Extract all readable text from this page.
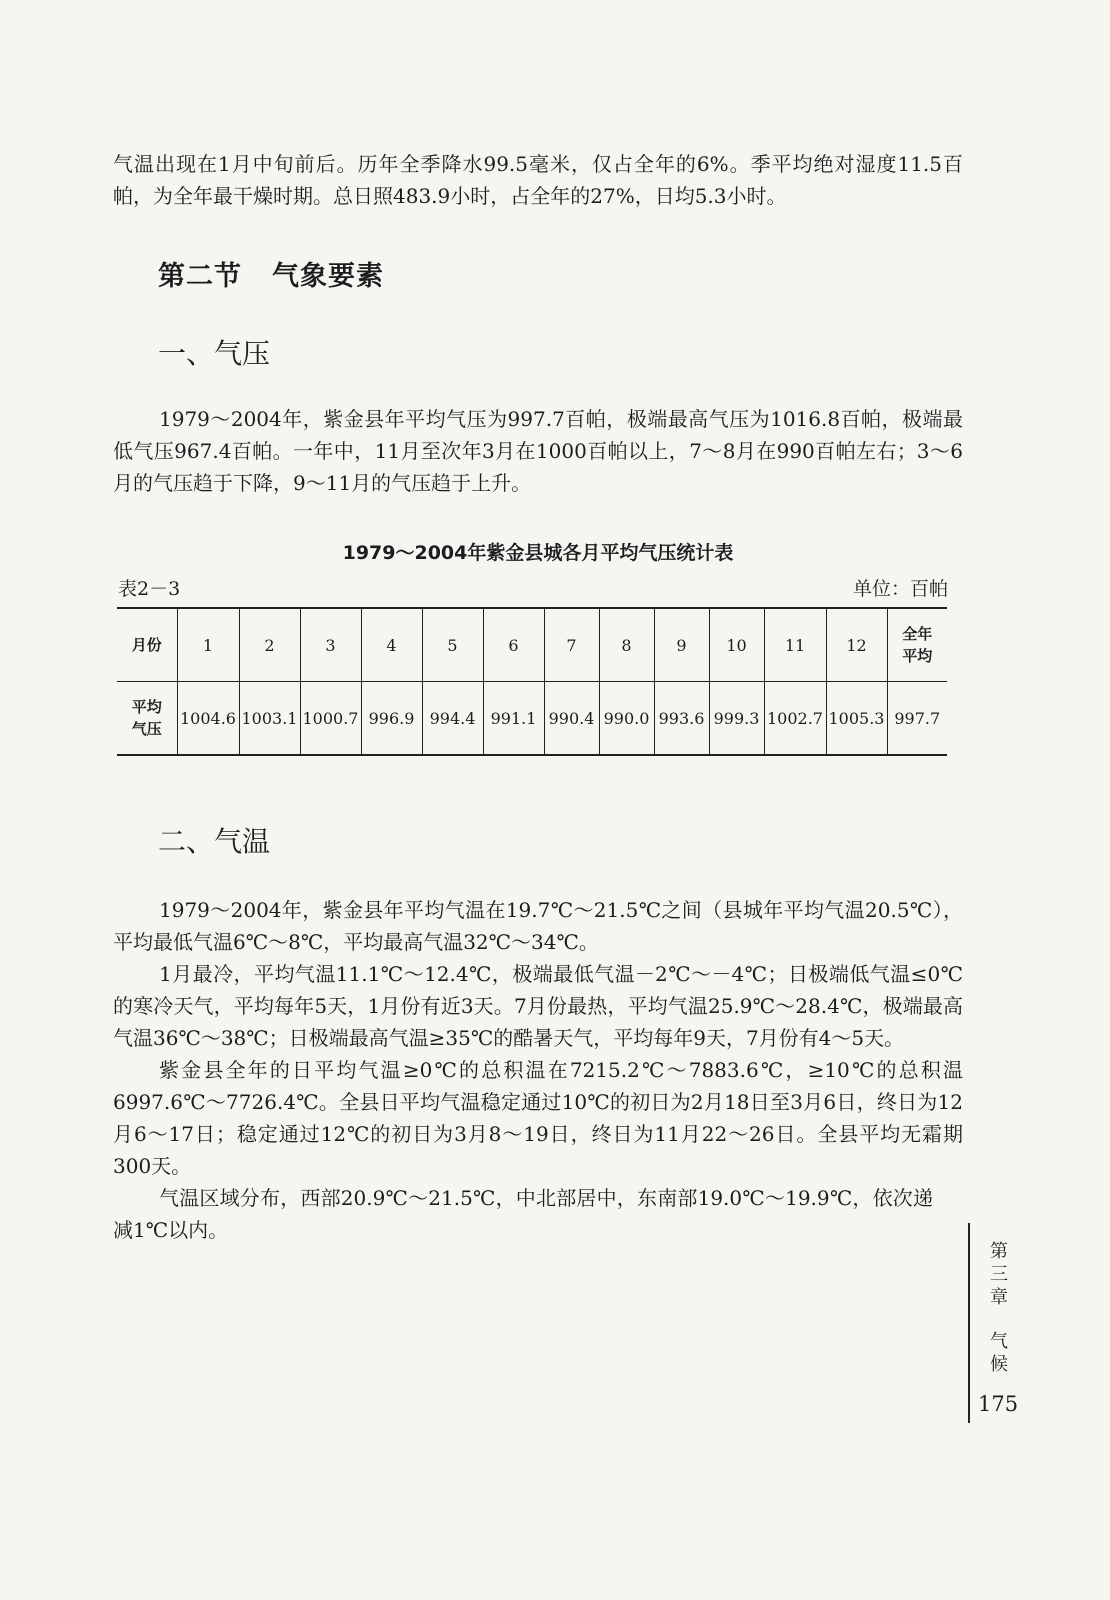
气温出现在1月中旬前后。历年全季降水99.5毫米，仅占全年的6%。季平均绝对湿度11.5百帕，为全年最干燥时期。总日照483.9小时，占全年的27%，日均5.3小时。

第二节 气象要素
一、气压

1979～2004年，紫金县年平均气压为997.7百帕，极端最高气压为1016.8百帕，极端最低气压967.4百帕。一年中，11月至次年3月在1000百帕以上，7～8月在990百帕左右；3～6月的气压趋于下降，9～11月的气压趋于上升。

1979～2004年紫金县城各月平均气压统计表
表2－3	单位：百帕
月份	1	2	3	4	5	6	7	8	9	10	11	12	全年
平均
平均
气压	1004.6	1003.1	1000.7	996.9	994.4	991.1	990.4	990.0	993.6	999.3	1002.7	1005.3	997.7
二、气温

1979～2004年，紫金县年平均气温在19.7℃～21.5℃之间（县城年平均气温20.5℃），平均最低气温6℃～8℃，平均最高气温32℃～34℃。

1月最冷，平均气温11.1℃～12.4℃，极端最低气温－2℃～－4℃；日极端低气温≤0℃的寒冷天气，平均每年5天，1月份有近3天。7月份最热，平均气温25.9℃～28.4℃，极端最高气温36℃～38℃；日极端最高气温≥35℃的酷暑天气，平均每年9天，7月份有4～5天。

紫金县全年的日平均气温≥0℃的总积温在7215.2℃～7883.6℃，≥10℃的总积温6997.6℃～7726.4℃。全县日平均气温稳定通过10℃的初日为2月18日至3月6日，终日为12月6～17日；稳定通过12℃的初日为3月8～19日，终日为11月22～26日。全县平均无霜期300天。

气温区域分布，西部20.9℃～21.5℃，中北部居中，东南部19.0℃～19.9℃，依次递减1℃以内。

第三章
气候
175
